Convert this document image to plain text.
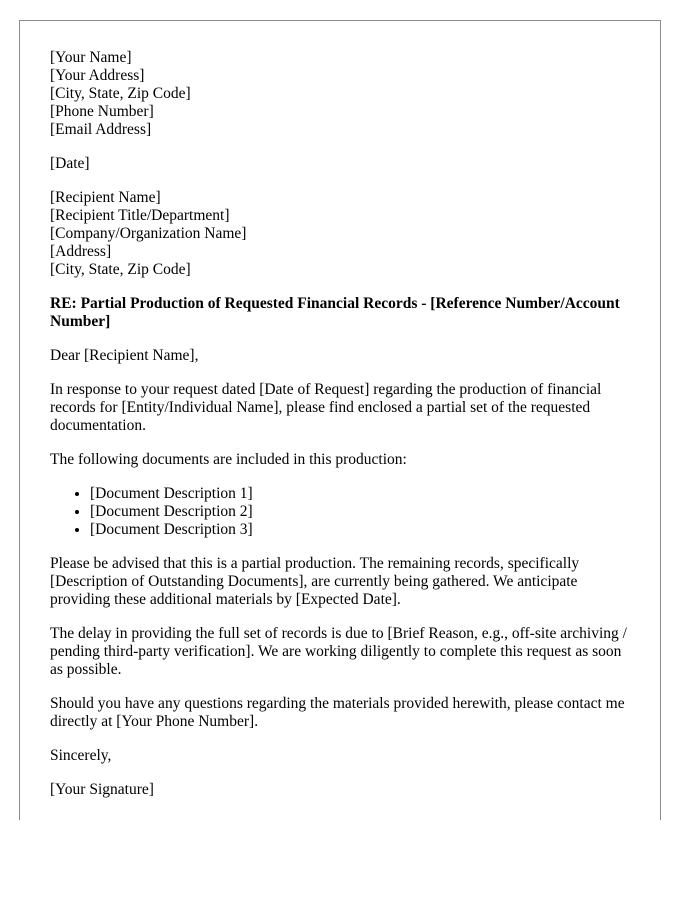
[Your Name]
[Your Address]
[City, State, Zip Code]
[Phone Number]
[Email Address]
[Date]
[Recipient Name]
[Recipient Title/Department]
[Company/Organization Name]
[Address]
[City, State, Zip Code]

RE: Partial Production of Requested Financial Records - [Reference Number/Account Number]

Dear [Recipient Name],

In response to your request dated [Date of Request] regarding the production of financial records for [Entity/Individual Name], please find enclosed a partial set of the requested documentation.

The following documents are included in this production:

• [Document Description 1]
• [Document Description 2]
• [Document Description 3]

Please be advised that this is a partial production. The remaining records, specifically [Description of Outstanding Documents], are currently being gathered. We anticipate providing these additional materials by [Expected Date].

The delay in providing the full set of records is due to [Brief Reason, e.g., off-site archiving / pending third-party verification]. We are working diligently to complete this request as soon as possible.

Should you have any questions regarding the materials provided herewith, please contact me directly at [Your Phone Number].

Sincerely,

[Your Signature]
